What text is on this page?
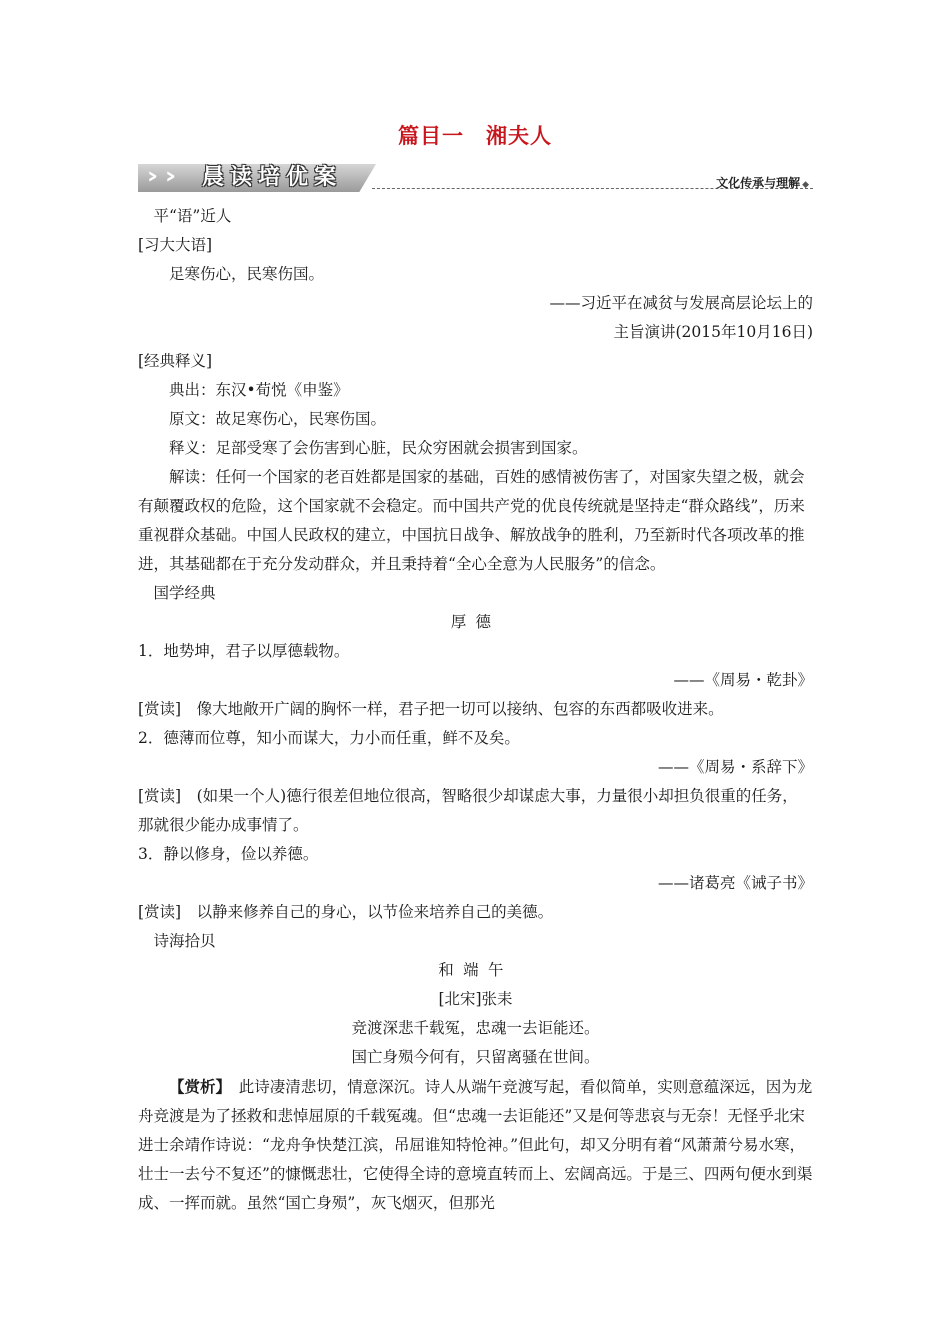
篇目一　湘夫人
› › 晨读培优案	文化传承与理解 ◆

平“语”近人

[习大大语]

足寒伤心，民寒伤国。

——习近平在减贫与发展高层论坛上的

主旨演讲(2015年10月16日)

[经典释义]

典出：东汉•荀悦《申鉴》

原文：故足寒伤心，民寒伤国。

释义：足部受寒了会伤害到心脏，民众穷困就会损害到国家。

解读：任何一个国家的老百姓都是国家的基础，百姓的感情被伤害了，对国家失望之极，就会有颠覆政权的危险，这个国家就不会稳定。而中国共产党的优良传统就是坚持走“群众路线”，历来重视群众基础。中国人民政权的建立，中国抗日战争、解放战争的胜利，乃至新时代各项改革的推进，其基础都在于充分发动群众，并且秉持着“全心全意为人民服务”的信念。

国学经典

厚德

1．地势坤，君子以厚德载物。

——《周易・乾卦》

[赏读]　像大地敞开广阔的胸怀一样，君子把一切可以接纳、包容的东西都吸收进来。

2．德薄而位尊，知小而谋大，力小而任重，鲜不及矣。

——《周易・系辞下》

[赏读]　(如果一个人)德行很差但地位很高，智略很少却谋虑大事，力量很小却担负很重的任务，那就很少能办成事情了。

3．静以修身，俭以养德。

——诸葛亮《诫子书》

[赏读]　以静来修养自己的身心，以节俭来培养自己的美德。

诗海拾贝

和端午

[北宋]张耒

竞渡深悲千载冤，忠魂一去讵能还。

国亡身殒今何有，只留离骚在世间。

【赏析】　此诗凄清悲切，情意深沉。诗人从端午竞渡写起，看似简单，实则意蕴深远，因为龙舟竞渡是为了拯救和悲悼屈原的千载冤魂。但“忠魂一去讵能还”又是何等悲哀与无奈！无怪乎北宋进士余靖作诗说：“龙舟争快楚江滨，吊屈谁知特怆神。”但此句，却又分明有着“风萧萧兮易水寒，壮士一去兮不复还”的慷慨悲壮，它使得全诗的意境直转而上、宏阔高远。于是三、四两句便水到渠成、一挥而就。虽然“国亡身殒”，灰飞烟灭，但那光
